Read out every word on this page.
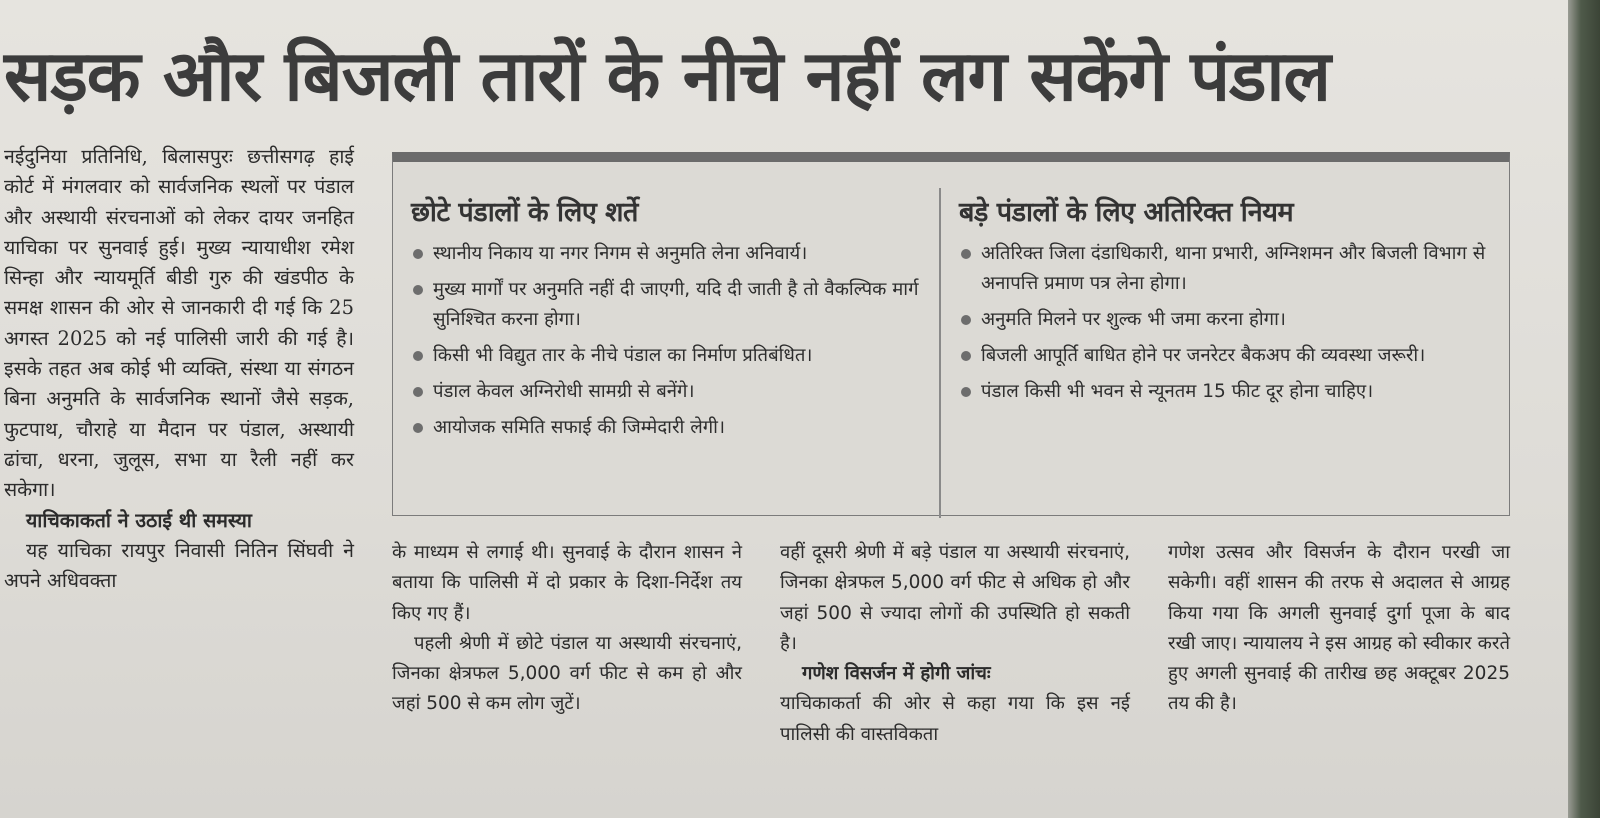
सड़क और बिजली तारों के नीचे नहीं लग सकेंगे पंडाल

नईदुनिया प्रतिनिधि, बिलासपुरः छत्तीसगढ़ हाई कोर्ट में मंगलवार को सार्वजनिक स्थलों पर पंडाल और अस्थायी संरचनाओं को लेकर दायर जनहित याचिका पर सुनवाई हुई। मुख्य न्यायाधीश रमेश सिन्हा और न्यायमूर्ति बीडी गुरु की खंडपीठ के समक्ष शासन की ओर से जानकारी दी गई कि 25 अगस्त 2025 को नई पालिसी जारी की गई है। इसके तहत अब कोई भी व्यक्ति, संस्था या संगठन बिना अनुमति के सार्वजनिक स्थानों जैसे सड़क, फुटपाथ, चौराहे या मैदान पर पंडाल, अस्थायी ढांचा, धरना, जुलूस, सभा या रैली नहीं कर सकेगा।

याचिकाकर्ता ने उठाई थी समस्या

यह याचिका रायपुर निवासी नितिन सिंघवी ने अपने अधिवक्ता

छोटे पंडालों के लिए शर्ते
स्थानीय निकाय या नगर निगम से अनुमति लेना अनिवार्य।
मुख्य मार्गों पर अनुमति नहीं दी जाएगी, यदि दी जाती है तो वैकल्पिक मार्ग सुनिश्चित करना होगा।
किसी भी विद्युत तार के नीचे पंडाल का निर्माण प्रतिबंधित।
पंडाल केवल अग्निरोधी सामग्री से बनेंगे।
आयोजक समिति सफाई की जिम्मेदारी लेगी।
बड़े पंडालों के लिए अतिरिक्त नियम
अतिरिक्त जिला दंडाधिकारी, थाना प्रभारी, अग्निशमन और बिजली विभाग से अनापत्ति प्रमाण पत्र लेना होगा।
अनुमति मिलने पर शुल्क भी जमा करना होगा।
बिजली आपूर्ति बाधित होने पर जनरेटर बैकअप की व्यवस्था जरूरी।
पंडाल किसी भी भवन से न्यूनतम 15 फीट दूर होना चाहिए।

के माध्यम से लगाई थी। सुनवाई के दौरान शासन ने बताया कि पालिसी में दो प्रकार के दिशा-निर्देश तय किए गए हैं।

पहली श्रेणी में छोटे पंडाल या अस्थायी संरचनाएं, जिनका क्षेत्रफल 5,000 वर्ग फीट से कम हो और जहां 500 से कम लोग जुटें।

वहीं दूसरी श्रेणी में बड़े पंडाल या अस्थायी संरचनाएं, जिनका क्षेत्रफल 5,000 वर्ग फीट से अधिक हो और जहां 500 से ज्यादा लोगों की उपस्थिति हो सकती है।

गणेश विसर्जन में होगी जांचः

याचिकाकर्ता की ओर से कहा गया कि इस नई पालिसी की वास्तविकता

गणेश उत्सव और विसर्जन के दौरान परखी जा सकेगी। वहीं शासन की तरफ से अदालत से आग्रह किया गया कि अगली सुनवाई दुर्गा पूजा के बाद रखी जाए। न्यायालय ने इस आग्रह को स्वीकार करते हुए अगली सुनवाई की तारीख छह अक्टूबर 2025 तय की है।
